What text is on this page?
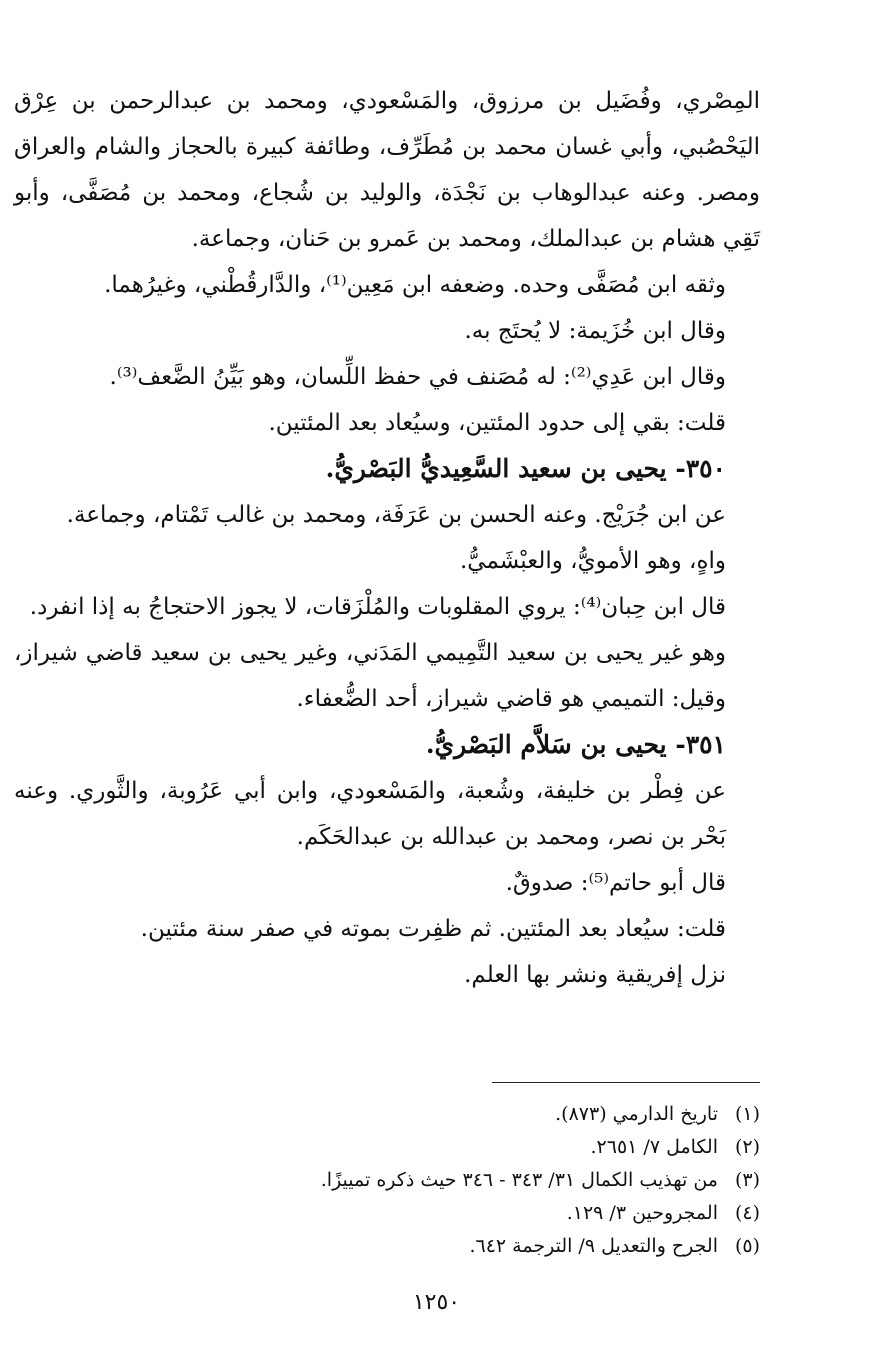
المِصْري، وفُضَيل بن مرزوق، والمَسْعودي، ومحمد بن عبدالرحمن بن عِرْق اليَحْصُبي، وأبي غسان محمد بن مُطَرِّف، وطائفة كبيرة بالحجاز والشام والعراق ومصر. وعنه عبدالوهاب بن نَجْدَة، والوليد بن شُجاع، ومحمد بن مُصَفَّى، وأبو تَقِي هشام بن عبدالملك، ومحمد بن عَمرو بن حَنان، وجماعة.

وثقه ابن مُصَفَّى وحده. وضعفه ابن مَعِين⁽¹⁾، والدَّارقُطْني، وغيرُهما.

وقال ابن خُزَيمة: لا يُحتَج به.

وقال ابن عَدِي⁽²⁾: له مُصَنف في حفظ اللِّسان، وهو بَيِّنُ الضَّعف⁽³⁾.

قلت: بقي إلى حدود المئتين، وسيُعاد بعد المئتين.

٣٥٠- يحيى بن سعيد السَّعِيديُّ البَصْريُّ.

عن ابن جُرَيْج. وعنه الحسن بن عَرَفَة، ومحمد بن غالب تَمْتام، وجماعة.

واهٍ، وهو الأمويُّ، والعبْشَميُّ.

قال ابن حِبان⁽⁴⁾: يروي المقلوبات والمُلْزَقات، لا يجوز الاحتجاجُ به إذا انفرد.

وهو غير يحيى بن سعيد التَّمِيمي المَدَني، وغير يحيى بن سعيد قاضي شيراز، وقيل: التميمي هو قاضي شيراز، أحد الضُّعفاء.

٣٥١- يحيى بن سَلاَّم البَصْريُّ.

عن فِطْر بن خليفة، وشُعبة، والمَسْعودي، وابن أبي عَرُوبة، والثَّوري. وعنه بَحْر بن نصر، ومحمد بن عبدالله بن عبدالحَكَم.

قال أبو حاتم⁽⁵⁾: صدوقٌ.

قلت: سيُعاد بعد المئتين. ثم ظفِرت بموته في صفر سنة مئتين.

نزل إفريقية ونشر بها العلم.

(١)تاريخ الدارمي (٨٧٣).
(٢)الكامل ٧/ ٢٦٥١.
(٣)من تهذيب الكمال ٣١/ ٣٤٣ - ٣٤٦ حيث ذكره تمييزًا.
(٤)المجروحين ٣/ ١٢٩.
(٥)الجرح والتعديل ٩/ الترجمة ٦٤٢.
١٢٥٠
